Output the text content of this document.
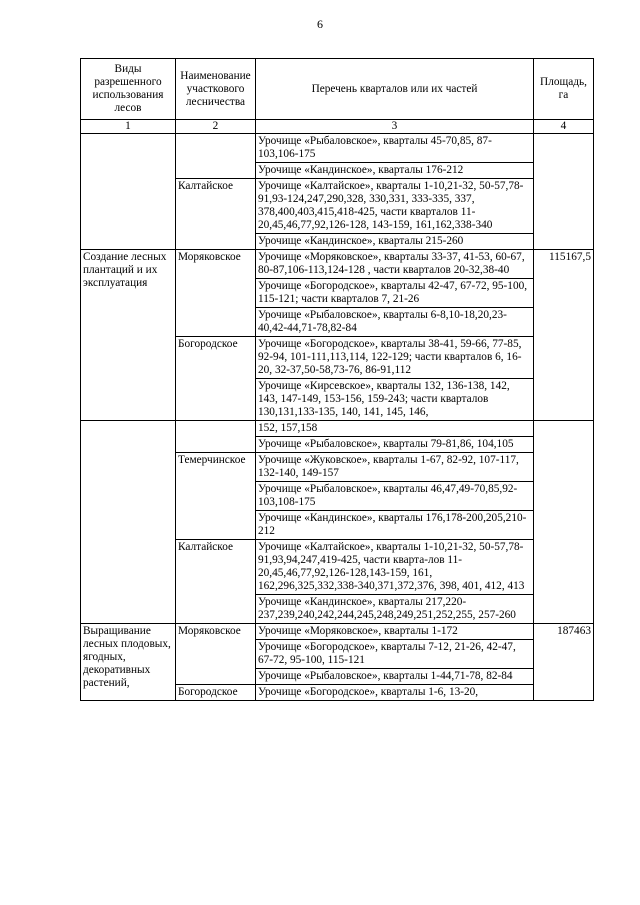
6
Виды разрешенного использования лесов	Наименование участкового лесничества	Перечень кварталов или их частей	Площадь, га
1	2	3	4
		Урочище «Рыбаловское», кварталы 45-70,85, 87-103,106-175	
		Урочище «Кандинское», кварталы 176-212	
	Калтайское	Урочище «Калтайское», кварталы 1-10,21-32, 50-57,78-91,93-124,247,290,328, 330,331, 333-335, 337, 378,400,403,415,418-425, части кварталов 11-20,45,46,77,92,126-128, 143-159, 161,162,338-340	
		Урочище «Кандинское», кварталы 215-260	
Создание лесных плантаций и их эксплуатация	Моряковское	Урочище «Моряковское», кварталы 33-37, 41-53, 60-67, 80-87,106-113,124-128 , части кварталов 20-32,38-40	115167,5
		Урочище «Богородское», кварталы 42-47, 67-72, 95-100, 115-121; части кварталов 7, 21-26	
		Урочище «Рыбаловское», кварталы 6-8,10-18,20,23-40,42-44,71-78,82-84	
	Богородское	Урочище «Богородское», кварталы 38-41, 59-66, 77-85, 92-94, 101-111,113,114, 122-129; части кварталов 6, 16-20, 32-37,50-58,73-76, 86-91,112	
		Урочище «Кирсевское», кварталы 132, 136-138, 142, 143, 147-149, 153-156, 159-243; части кварталов 130,131,133-135, 140, 141, 145, 146,	
		152, 157,158	
		Урочище «Рыбаловское», кварталы 79-81,86, 104,105	
	Темерчинское	Урочище «Жуковское», кварталы 1-67, 82-92, 107-117, 132-140, 149-157	
		Урочище «Рыбаловское», кварталы 46,47,49-70,85,92-103,108-175	
		Урочище «Кандинское», кварталы 176,178-200,205,210-212	
	Калтайское	Урочище «Калтайское», кварталы 1-10,21-32, 50-57,78-91,93,94,247,419-425, части кварта-лов 11-20,45,46,77,92,126-128,143-159, 161, 162,296,325,332,338-340,371,372,376, 398, 401, 412, 413	
		Урочище «Кандинское», кварталы 217,220-237,239,240,242,244,245,248,249,251,252,255, 257-260	
Выращивание лесных плодовых, ягодных, декоративных растений,	Моряковское	Урочище «Моряковское», кварталы 1-172	187463
		Урочище «Богородское», кварталы 7-12, 21-26, 42-47, 67-72, 95-100, 115-121	
		Урочище «Рыбаловское», кварталы 1-44,71-78, 82-84	
	Богородское	Урочище «Богородское», кварталы 1-6, 13-20,	
